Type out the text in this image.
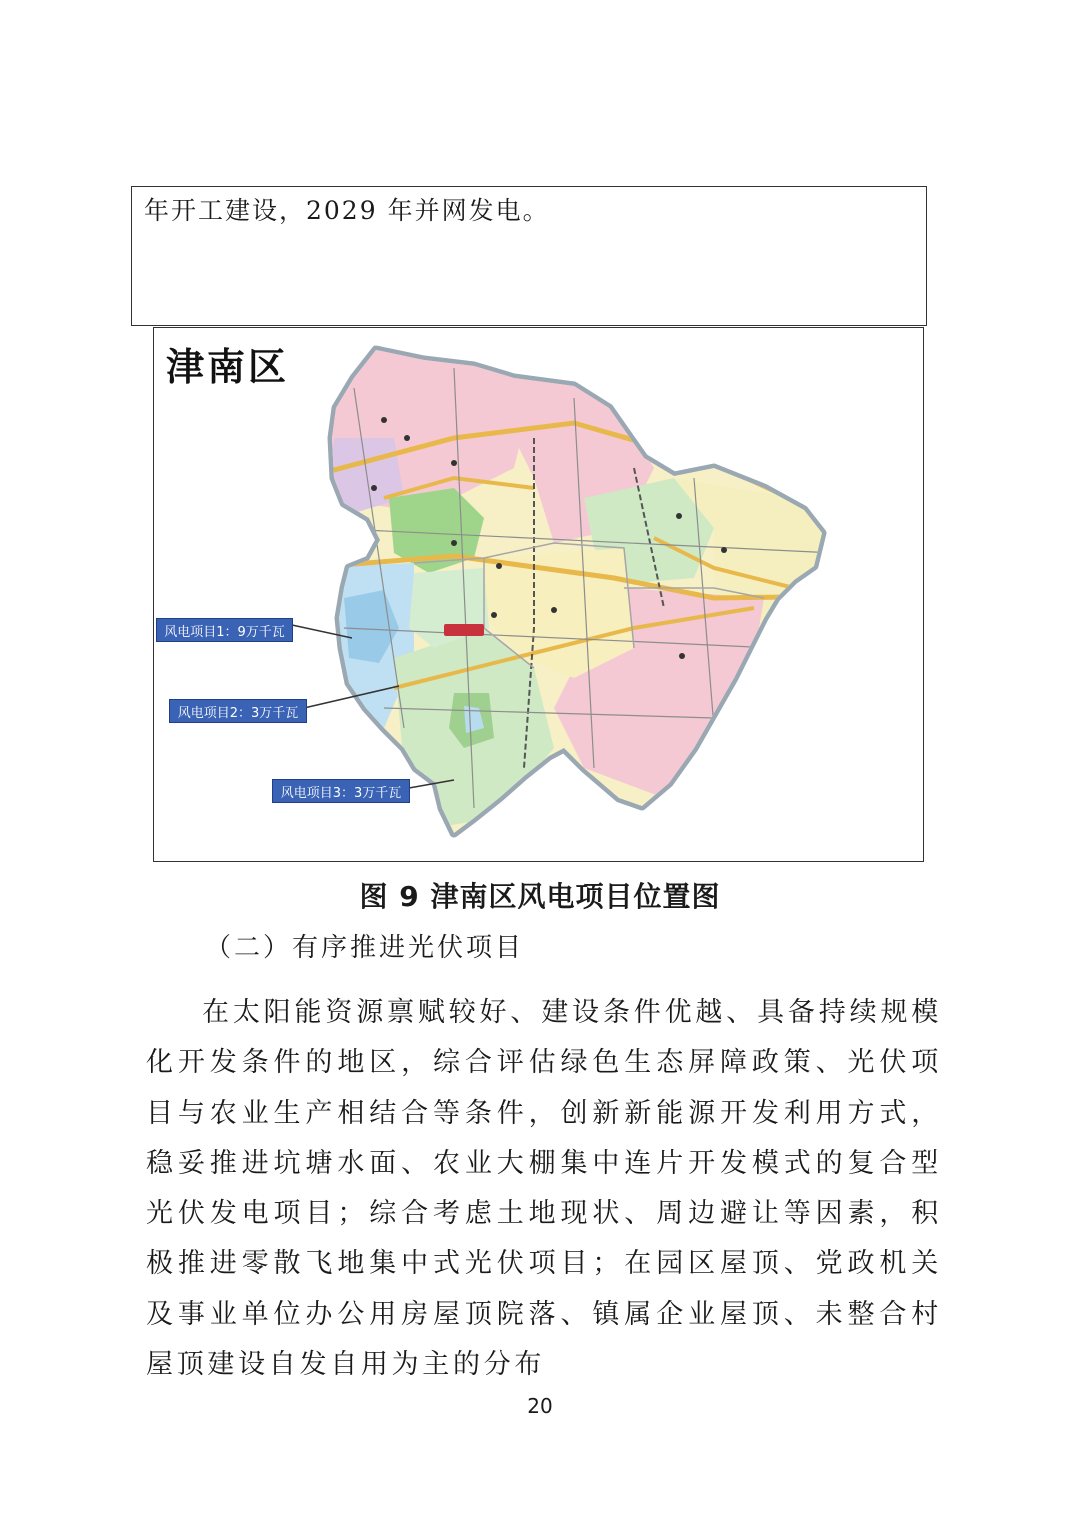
年开工建设，2029 年并网发电。
津南区
风电项目1：9万千瓦
风电项目2：3万千瓦
风电项目3：3万千瓦
图 9 津南区风电项目位置图
（二）有序推进光伏项目
在太阳能资源禀赋较好、建设条件优越、具备持续规模化开发条件的地区，综合评估绿色生态屏障政策、光伏项目与农业生产相结合等条件，创新新能源开发利用方式，稳妥推进坑塘水面、农业大棚集中连片开发模式的复合型光伏发电项目；综合考虑土地现状、周边避让等因素，积极推进零散飞地集中式光伏项目；在园区屋顶、党政机关及事业单位办公用房屋顶院落、镇属企业屋顶、未整合村屋顶建设自发自用为主的分布
20
